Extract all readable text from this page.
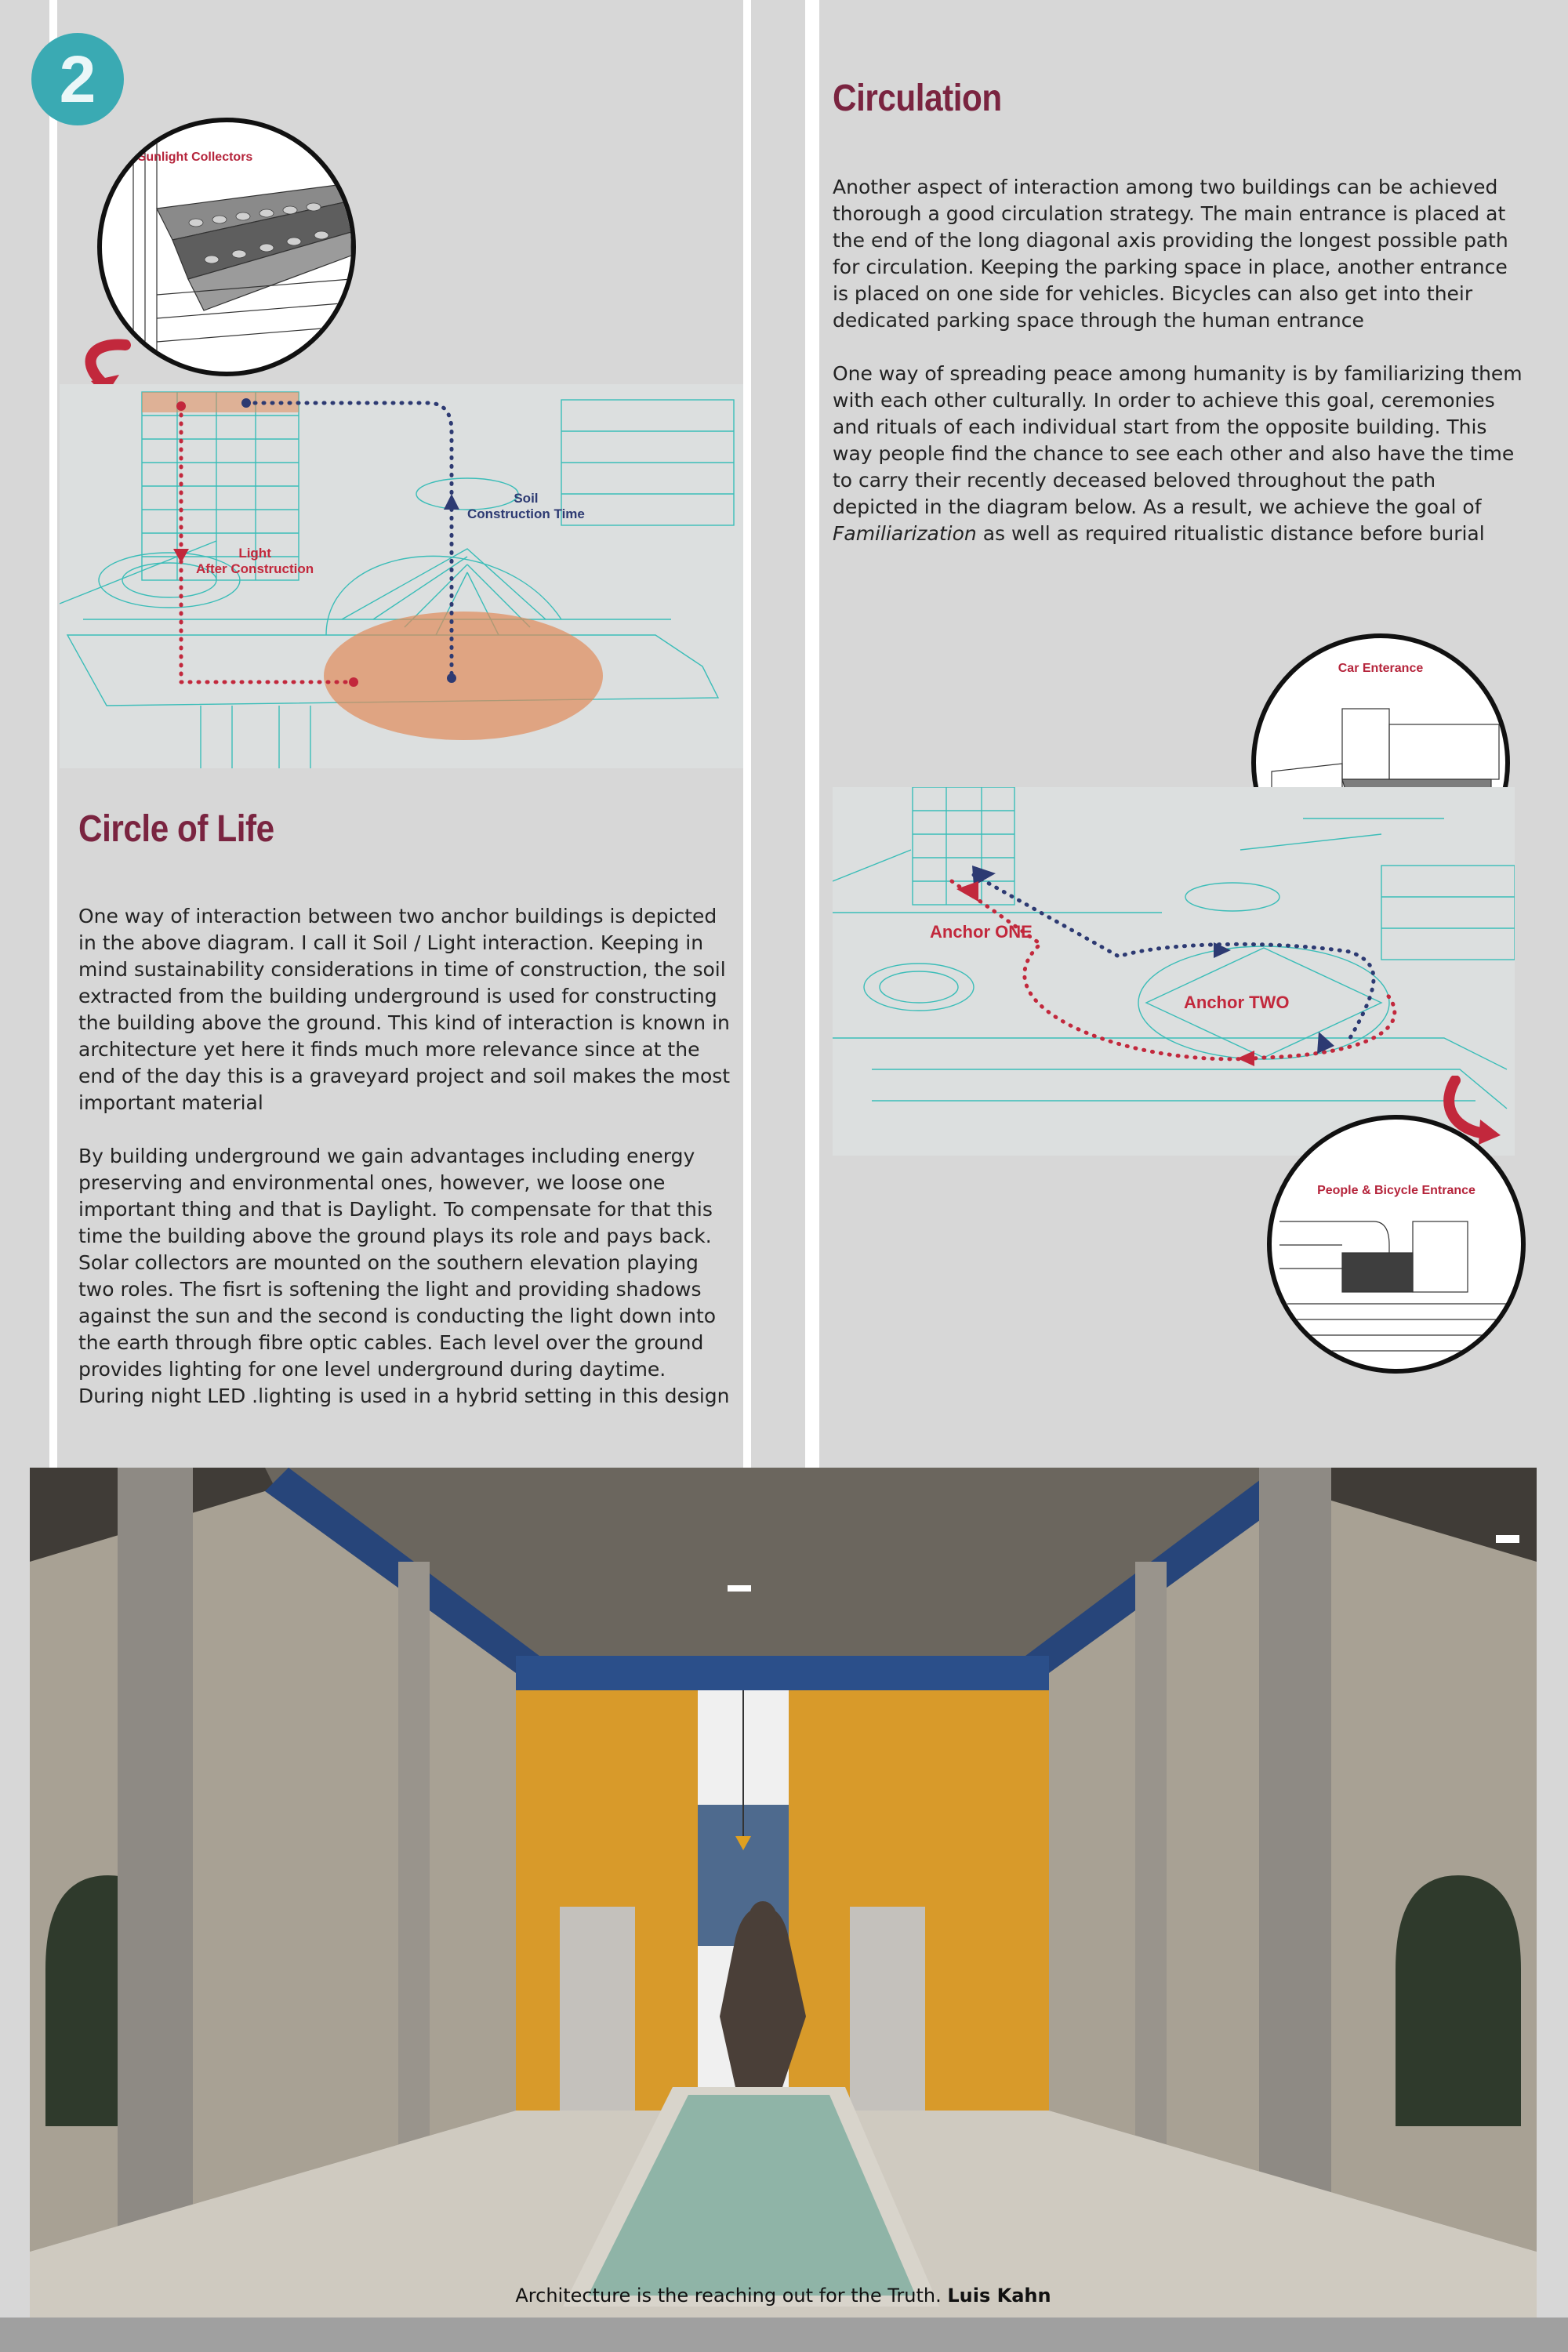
2
Sunlight Collectors
Light
After Construction
Soil
Construction Time
Circle of Life

One way of interaction between two anchor buildings is depicted in the above diagram. I call it Soil / Light interaction. Keeping in mind sustainability considerations in time of construction, the soil extracted from the building underground is used for constructing the building above the ground. This kind of interaction is known in architecture yet here it finds much more relevance since at the end of the day this is a graveyard project and soil makes the most important material

By building underground we gain advantages including energy preserving and environmental ones, however, we loose one important thing and that is Daylight. To compensate for that this time the building above the ground plays its role and pays back. Solar collectors are mounted on the southern elevation playing two roles. The fisrt is softening the light and providing shadows against the sun and the second is conducting the light down into the earth through fibre optic cables. Each level over the ground provides lighting for one level underground during daytime. During night LED .lighting is used in a hybrid setting in this design

Circulation

Another aspect of interaction among two buildings can be achieved thorough a good circulation strategy. The main entrance is placed at the end of the long diagonal axis providing the longest possible path for circulation. Keeping the parking space in place, another entrance is placed on one side for vehicles. Bicycles can also get into their dedicated parking space through the human entrance

One way of spreading peace among humanity is by familiarizing them with each other culturally. In order to achieve this goal, ceremonies and rituals of each individual start from the opposite building. This way people find the chance to see each other and also have the time to carry their recently deceased beloved throughout the path depicted in the diagram below. As a result, we achieve the goal of Familiarization as well as required ritualistic distance before burial

Car Enterance
Anchor ONE
Anchor TWO
People & Bicycle Entrance
Architecture is the reaching out for the Truth. Luis Kahn
